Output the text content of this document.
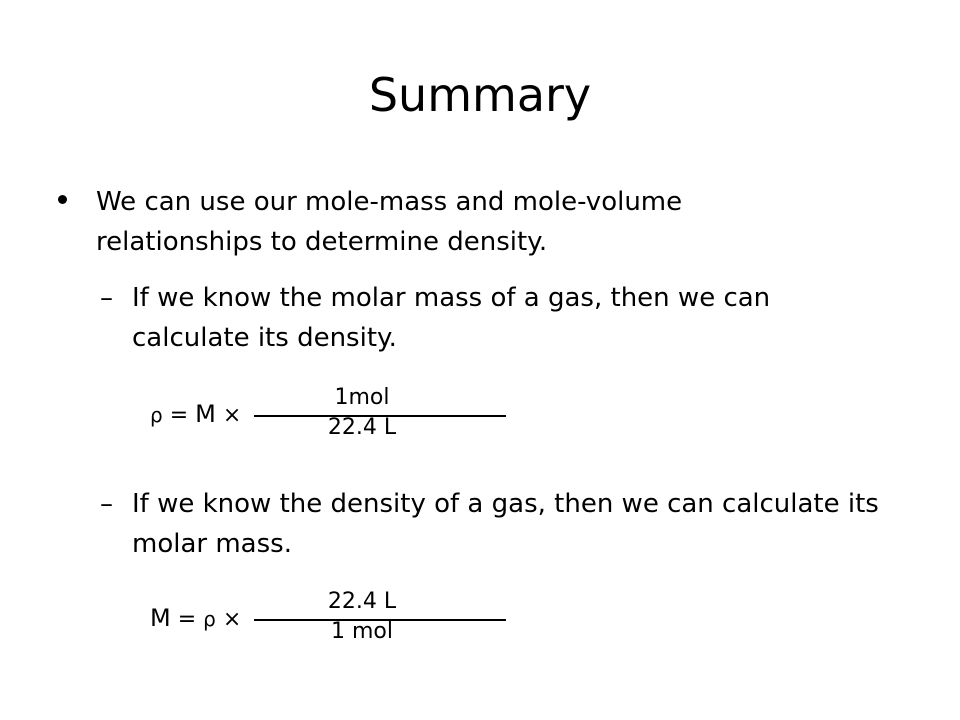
Summary
We can use our mole-mass and mole-volume relationships to determine density.
– If we know the molar mass of a gas, then we can calculate its density.
ρ = M ×
1mol
22.4 L
– If we know the density of a gas, then we can calculate its molar mass.
M = ρ ×
22.4 L
1 mol
